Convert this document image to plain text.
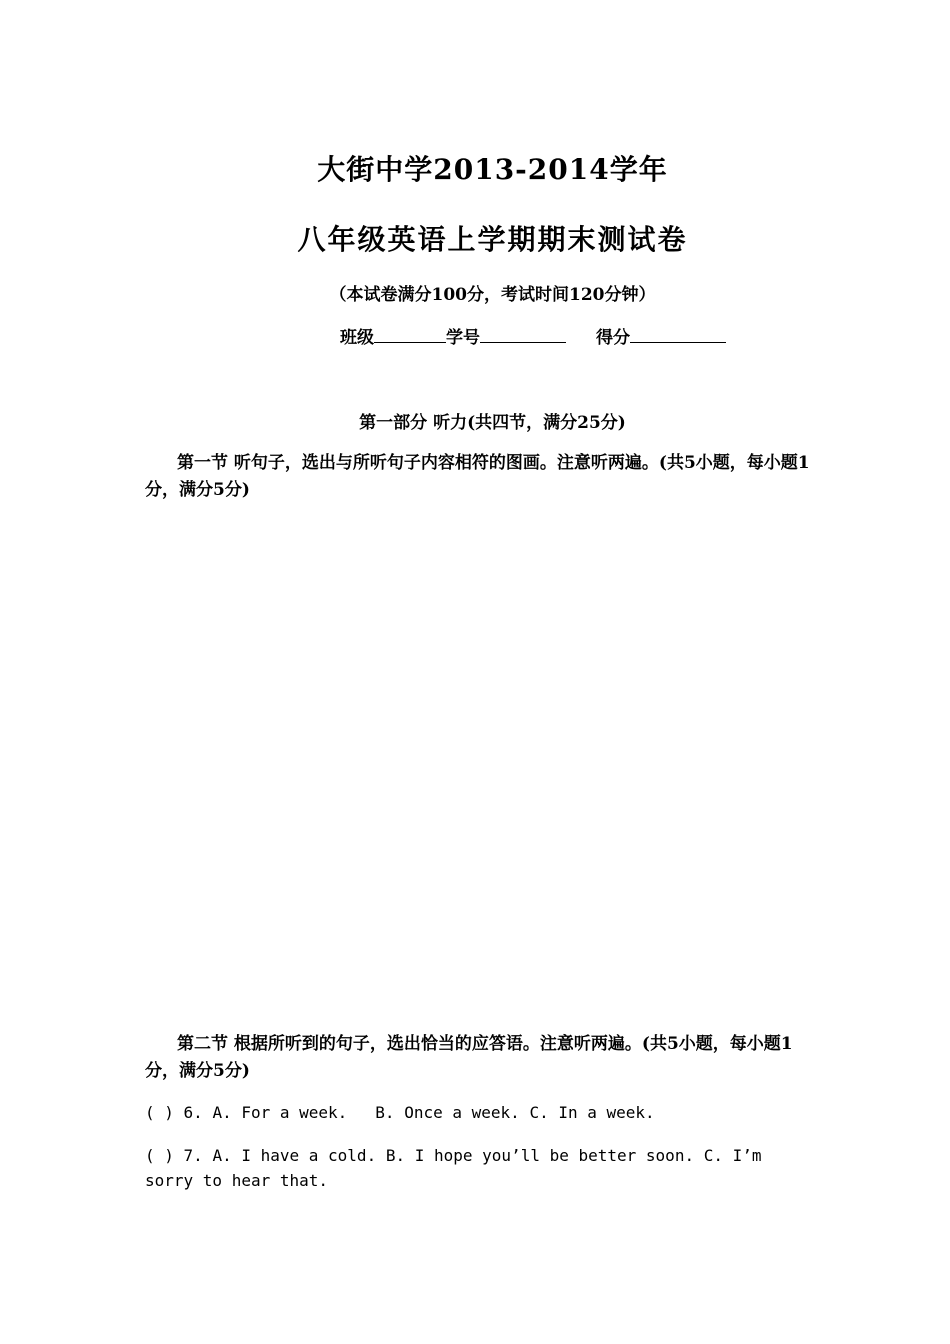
大街中学2013-2014学年
八年级英语上学期期末测试卷
（本试卷满分100分，考试时间120分钟）
班级	学号	得分
第一部分 听力(共四节，满分25分)
第一节 听句子，选出与所听句子内容相符的图画。注意听两遍。(共5小题，每小题1分，满分5分)
第二节 根据所听到的句子，选出恰当的应答语。注意听两遍。(共5小题，每小题1分，满分5分)
( ) 6. A. For a week. B. Once a week. C. In a week.
( ) 7. A. I have a cold. B. I hope you’ll be better soon. C. I’m sorry to hear that.
